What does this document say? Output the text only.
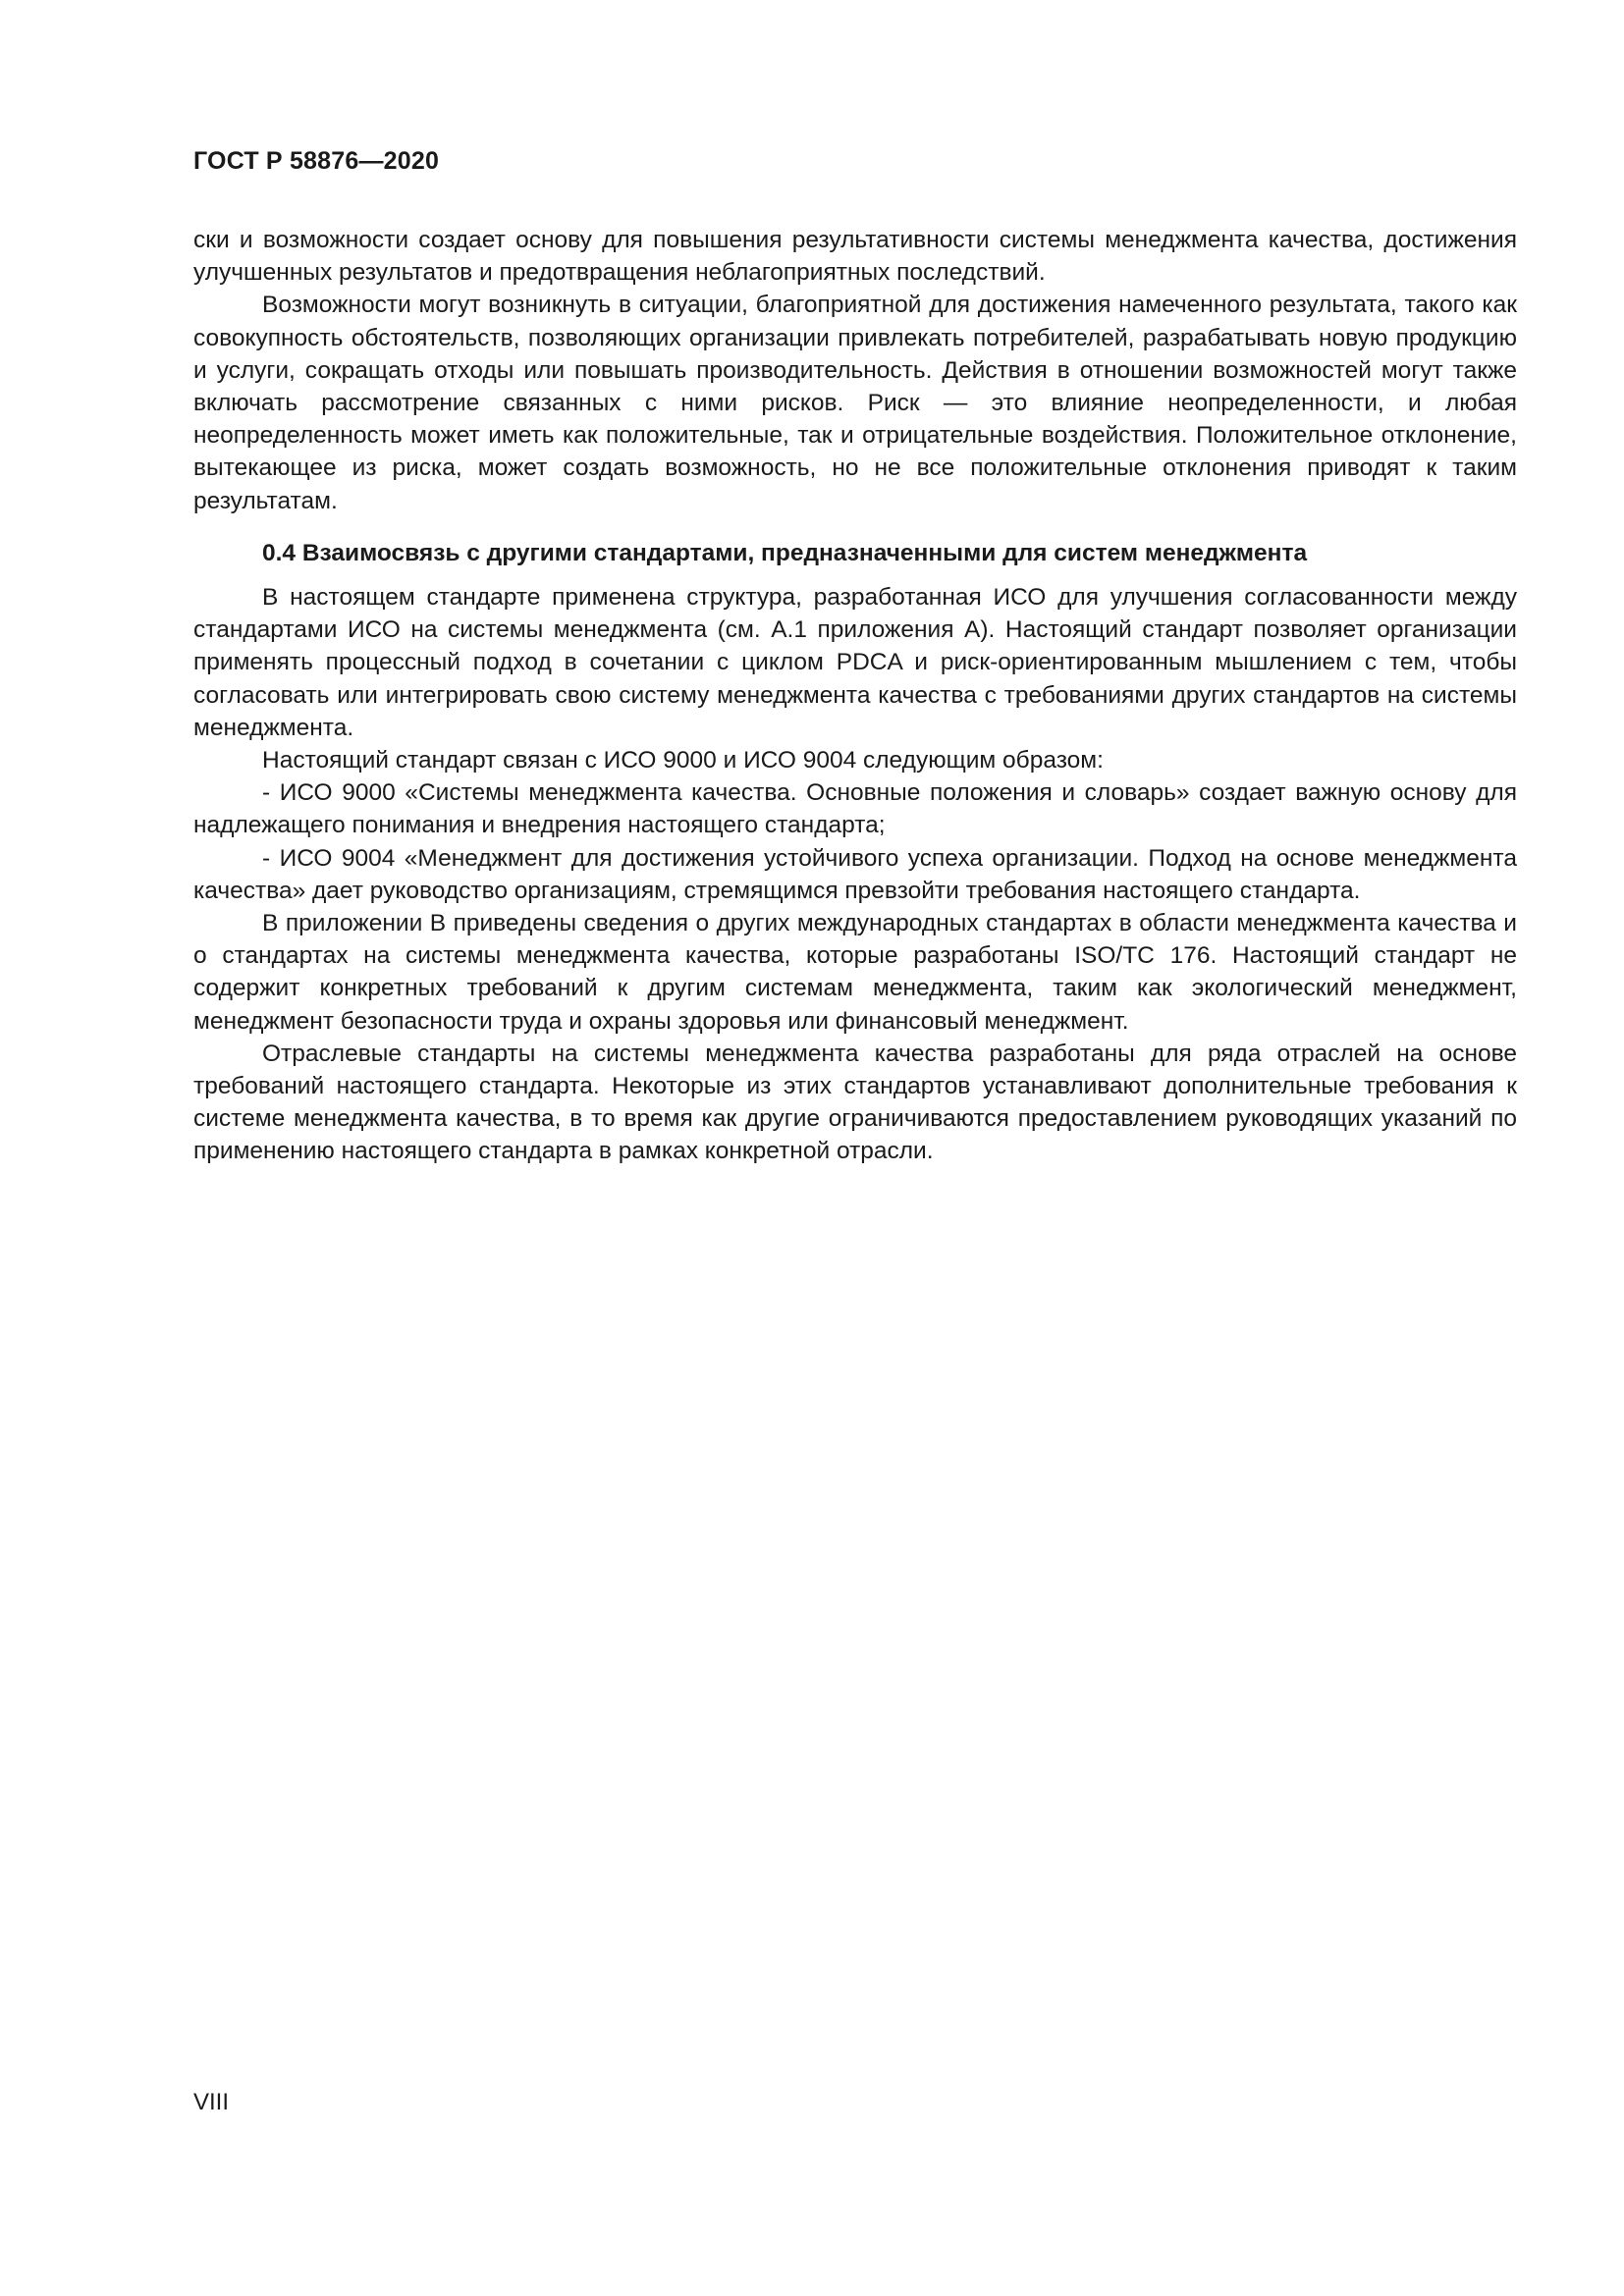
ГОСТ Р 58876—2020

ски и возможности создает основу для повышения результативности системы менеджмента качества, достижения улучшенных результатов и предотвращения неблагоприятных последствий.

Возможности могут возникнуть в ситуации, благоприятной для достижения намеченного результата, такого как совокупность обстоятельств, позволяющих организации привлекать потребителей, разрабатывать новую продукцию и услуги, сокращать отходы или повышать производительность. Действия в отношении возможностей могут также включать рассмотрение связанных с ними рисков. Риск — это влияние неопределенности, и любая неопределенность может иметь как положительные, так и отрицательные воздействия. Положительное отклонение, вытекающее из риска, может создать возможность, но не все положительные отклонения приводят к таким результатам.

0.4 Взаимосвязь с другими стандартами, предназначенными для систем менеджмента

В настоящем стандарте применена структура, разработанная ИСО для улучшения согласованности между стандартами ИСО на системы менеджмента (см. А.1 приложения А). Настоящий стандарт позволяет организации применять процессный подход в сочетании с циклом PDCA и риск-ориентированным мышлением с тем, чтобы согласовать или интегрировать свою систему менеджмента качества с требованиями других стандартов на системы менеджмента.

Настоящий стандарт связан с ИСО 9000 и ИСО 9004 следующим образом:

- ИСО 9000 «Системы менеджмента качества. Основные положения и словарь» создает важную основу для надлежащего понимания и внедрения настоящего стандарта;

- ИСО 9004 «Менеджмент для достижения устойчивого успеха организации. Подход на основе менеджмента качества» дает руководство организациям, стремящимся превзойти требования настоящего стандарта.

В приложении В приведены сведения о других международных стандартах в области менеджмента качества и о стандартах на системы менеджмента качества, которые разработаны ISO/TC 176. Настоящий стандарт не содержит конкретных требований к другим системам менеджмента, таким как экологический менеджмент, менеджмент безопасности труда и охраны здоровья или финансовый менеджмент.

Отраслевые стандарты на системы менеджмента качества разработаны для ряда отраслей на основе требований настоящего стандарта. Некоторые из этих стандартов устанавливают дополнительные требования к системе менеджмента качества, в то время как другие ограничиваются предоставлением руководящих указаний по применению настоящего стандарта в рамках конкретной отрасли.

VIII
